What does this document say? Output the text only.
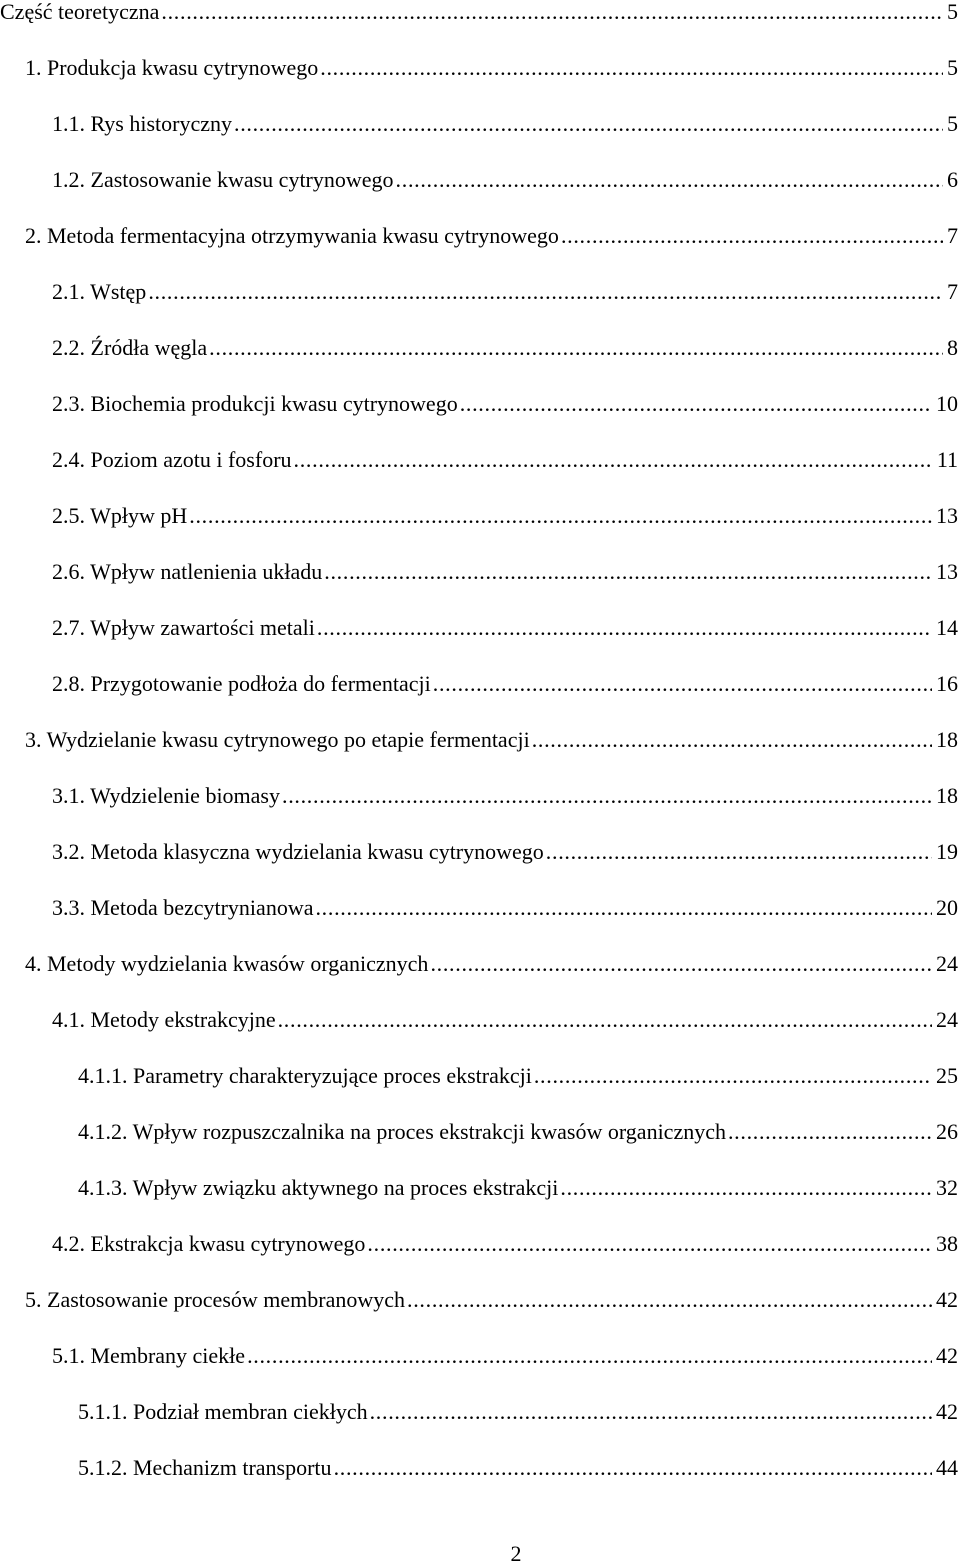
Część teoretyczna . . .	5
1. Produkcja kwasu cytrynowego . . .	5
1.1. Rys historyczny . . .	5
1.2. Zastosowanie kwasu cytrynowego . . .	6
2. Metoda fermentacyjna otrzymywania kwasu cytrynowego . . .	7
2.1. Wstęp . . .	7
2.2. Źródła węgla . . .	8
2.3. Biochemia produkcji kwasu cytrynowego . . .	10
2.4. Poziom azotu i fosforu . . .	11
2.5. Wpływ pH . . .	13
2.6. Wpływ natlenienia układu . . .	13
2.7. Wpływ zawartości metali . . .	14
2.8. Przygotowanie podłoża do fermentacji . . .	16
3. Wydzielanie kwasu cytrynowego po etapie fermentacji . . .	18
3.1. Wydzielenie biomasy . . .	18
3.2. Metoda klasyczna wydzielania kwasu cytrynowego . . .	19
3.3. Metoda bezcytrynianowa . . .	20
4. Metody wydzielania kwasów organicznych . . .	24
4.1. Metody ekstrakcyjne . . .	24
4.1.1. Parametry charakteryzujące proces ekstrakcji . . .	25
4.1.2. Wpływ rozpuszczalnika na proces ekstrakcji kwasów organicznych . . .	26
4.1.3. Wpływ związku aktywnego na proces ekstrakcji . . .	32
4.2. Ekstrakcja kwasu cytrynowego . . .	38
5. Zastosowanie procesów membranowych . . .	42
5.1. Membrany ciekłe . . .	42
5.1.1. Podział membran ciekłych . . .	42
5.1.2. Mechanizm transportu . . .	44
2
